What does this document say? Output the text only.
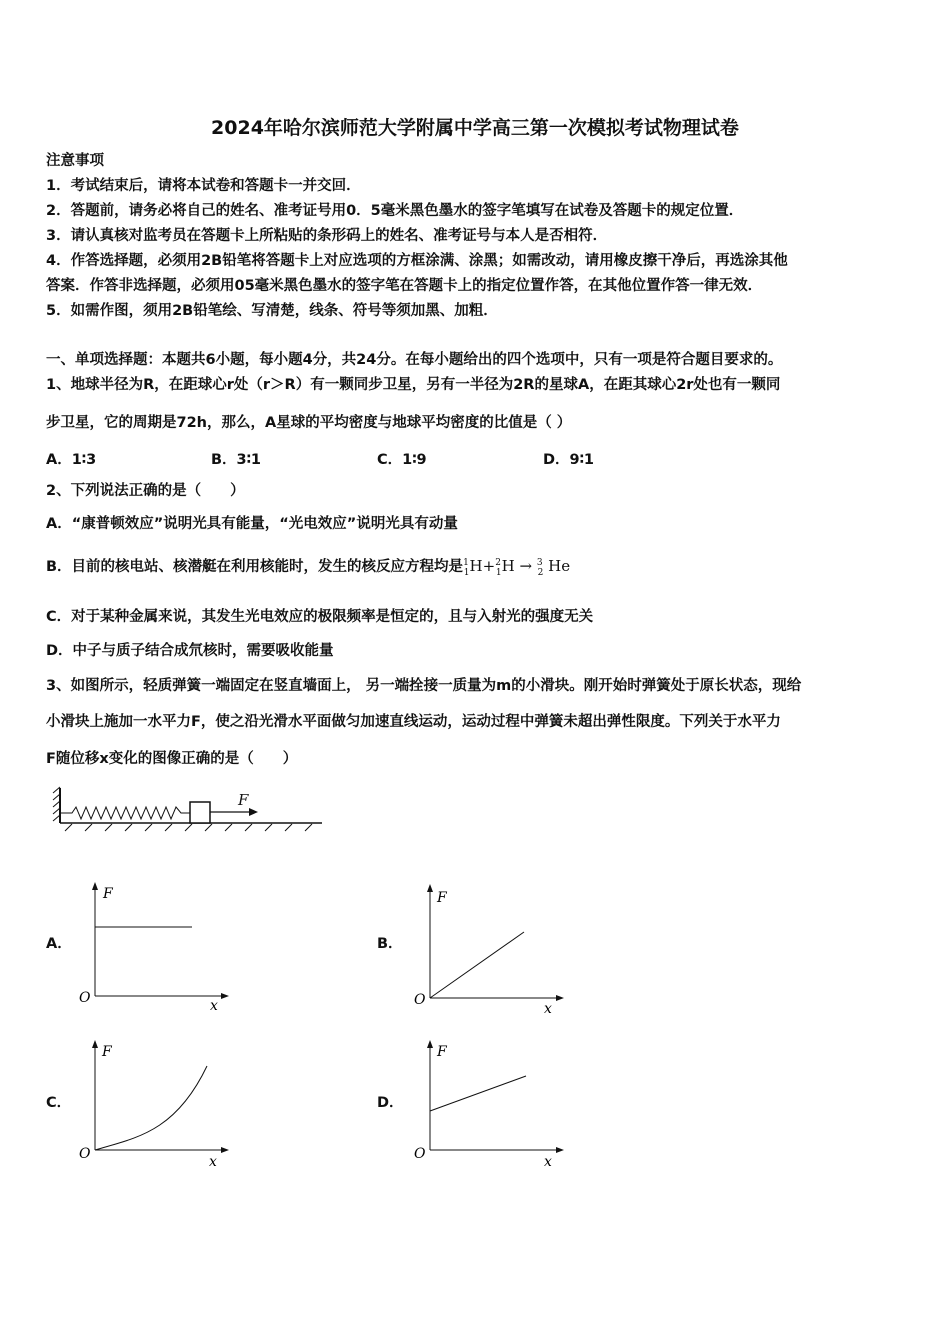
2024年哈尔滨师范大学附属中学高三第一次模拟考试物理试卷
注意事项
1．考试结束后，请将本试卷和答题卡一并交回．
2．答题前，请务必将自己的姓名、准考证号用0．5毫米黑色墨水的签字笔填写在试卷及答题卡的规定位置．
3．请认真核对监考员在答题卡上所粘贴的条形码上的姓名、准考证号与本人是否相符．
4．作答选择题，必须用2B铅笔将答题卡上对应选项的方框涂满、涂黑；如需改动，请用橡皮擦干净后，再选涂其他
答案．作答非选择题，必须用05毫米黑色墨水的签字笔在答题卡上的指定位置作答，在其他位置作答一律无效．
5．如需作图，须用2B铅笔绘、写清楚，线条、符号等须加黑、加粗．
一、单项选择题：本题共6小题，每小题4分，共24分。在每小题给出的四个选项中，只有一项是符合题目要求的。
1、地球半径为R，在距球心r处（r＞R）有一颗同步卫星，另有一半径为2R的星球A，在距其球心2r处也有一颗同
步卫星，它的周期是72h，那么，A星球的平均密度与地球平均密度的比值是（ ）
A．1∶3	B．3∶1	C．1∶9	D．9∶1
2、下列说法正确的是（　　）
A．“康普顿效应”说明光具有能量，“光电效应”说明光具有动量
B．目前的核电站、核潜艇在利用核能时，发生的核反应方程均是$^1_1$H+$^2_1$H → $^3_2$ He
C．对于某种金属来说，其发生光电效应的极限频率是恒定的，且与入射光的强度无关
D．中子与质子结合成氘核时，需要吸收能量
3、如图所示，轻质弹簧一端固定在竖直墙面上， 另一端拴接一质量为m的小滑块。刚开始时弹簧处于原长状态，现给
小滑块上施加一水平力F，使之沿光滑水平面做匀加速直线运动，运动过程中弹簧未超出弹性限度。下列关于水平力
F随位移x变化的图像正确的是（　　）
F
A．	B．
C．	D．
F
O	x
F
O
x
F
O	x
F
O	x
